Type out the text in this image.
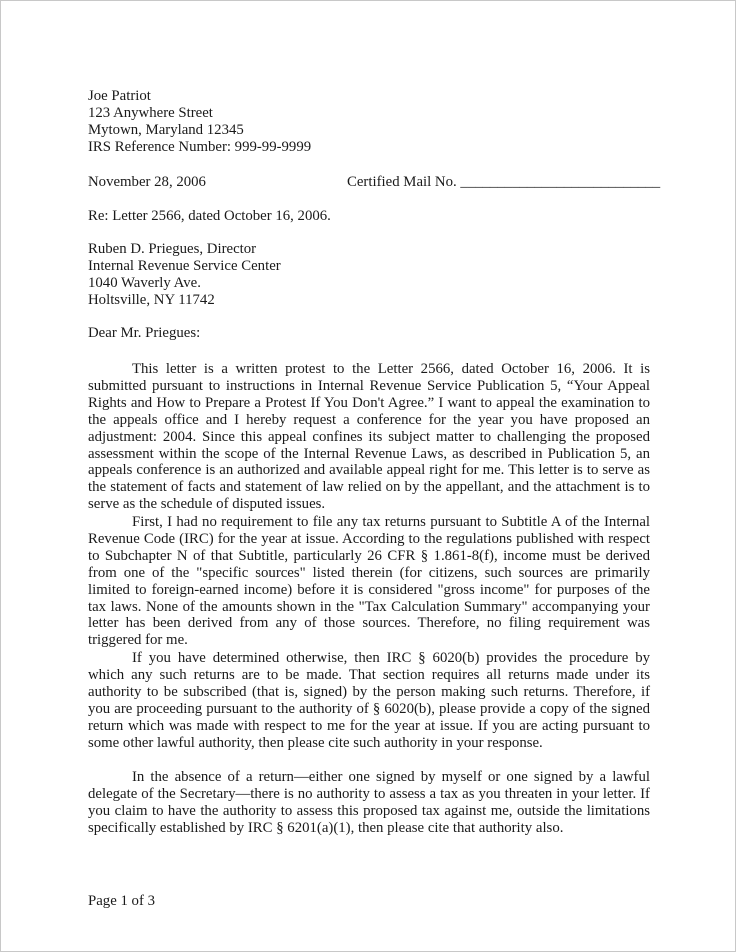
Joe Patriot
123 Anywhere Street
Mytown, Maryland 12345
IRS Reference Number: 999-99-9999
November 28, 2006	Certified Mail No. ___________________________
Re: Letter 2566, dated October 16, 2006.
Ruben D. Priegues, Director
Internal Revenue Service Center
1040 Waverly Ave.
Holtsville, NY 11742
Dear Mr. Priegues:

This letter is a written protest to the Letter 2566, dated October 16, 2006. It is submitted pursuant to instructions in Internal Revenue Service Publication 5, “Your Appeal Rights and How to Prepare a Protest If You Don't Agree.” I want to appeal the examination to the appeals office and I hereby request a conference for the year you have proposed an adjustment: 2004. Since this appeal confines its subject matter to challenging the proposed assessment within the scope of the Internal Revenue Laws, as described in Publication 5, an appeals conference is an authorized and available appeal right for me. This letter is to serve as the statement of facts and statement of law relied on by the appellant, and the attachment is to serve as the schedule of disputed issues.

First, I had no requirement to file any tax returns pursuant to Subtitle A of the Internal Revenue Code (IRC) for the year at issue. According to the regulations published with respect to Subchapter N of that Subtitle, particularly 26 CFR § 1.861-8(f), income must be derived from one of the "specific sources" listed therein (for citizens, such sources are primarily limited to foreign-earned income) before it is considered "gross income" for purposes of the tax laws. None of the amounts shown in the "Tax Calculation Summary" accompanying your letter has been derived from any of those sources. Therefore, no filing requirement was triggered for me.

If you have determined otherwise, then IRC § 6020(b) provides the procedure by which any such returns are to be made. That section requires all returns made under its authority to be subscribed (that is, signed) by the person making such returns. Therefore, if you are proceeding pursuant to the authority of § 6020(b), please provide a copy of the signed return which was made with respect to me for the year at issue. If you are acting pursuant to some other lawful authority, then please cite such authority in your response.

In the absence of a return—either one signed by myself or one signed by a lawful delegate of the Secretary—there is no authority to assess a tax as you threaten in your letter. If you claim to have the authority to assess this proposed tax against me, outside the limitations specifically established by IRC § 6201(a)(1), then please cite that authority also.

Page 1 of 3
